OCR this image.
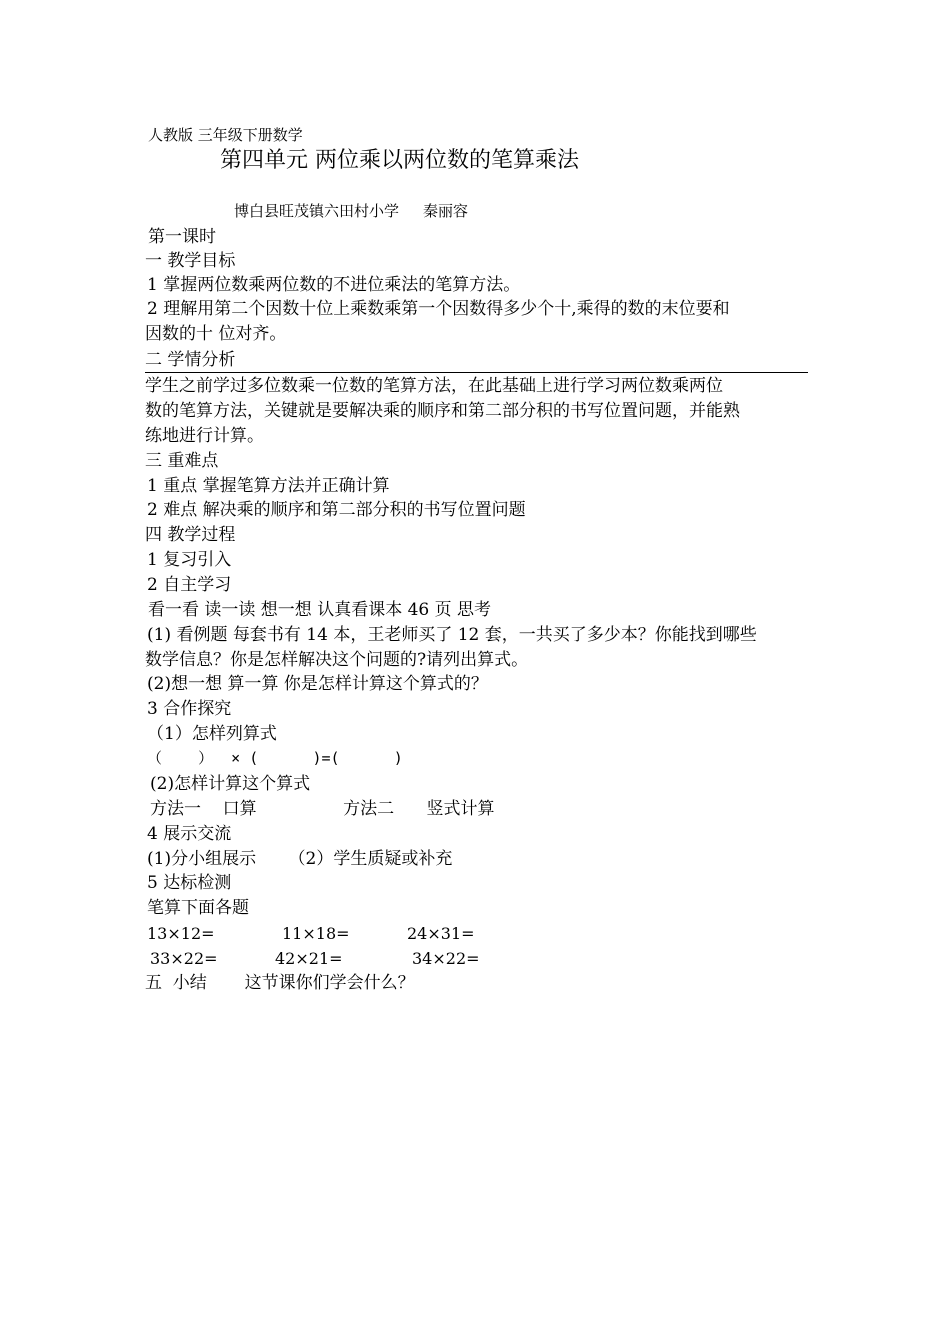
人教版 三年级下册数学
第四单元 两位乘以两位数的笔算乘法
博白县旺茂镇六田村小学 秦丽容
第一课时
一 教学目标
1 掌握两位数乘两位数的不进位乘法的笔算方法。
2 理解用第二个因数十位上乘数乘第一个因数得多少个十,乘得的数的末位要和
因数的十 位对齐。
二 学情分析
学生之前学过多位数乘一位数的笔算方法，在此基础上进行学习两位数乘两位
数的笔算方法，关键就是要解决乘的顺序和第二部分积的书写位置问题，并能熟
练地进行计算。
三 重难点
1 重点 掌握笔算方法并正确计算
2 难点 解决乘的顺序和第二部分积的书写位置问题
四 教学过程
1 复习引入
2 自主学习
看一看 读一读 想一想 认真看课本 46 页 思考
(1) 看例题 每套书有 14 本，王老师买了 12 套，一共买了多少本？你能找到哪些
数学信息？你是怎样解决这个问题的?请列出算式。
(2)想一想 算一算 你是怎样计算这个算式的？
3 合作探究
（1）怎样列算式
（    ）  × (      )=(      )
(2)怎样计算这个算式
方法一    口算                方法二      竖式计算
4 展示交流
(1)分小组展示      （2）学生质疑或补充
5 达标检测
笔算下面各题
13×12=	11×18=	24×31=
33×22=	42×21=	34×22=
五  小结       这节课你们学会什么？
